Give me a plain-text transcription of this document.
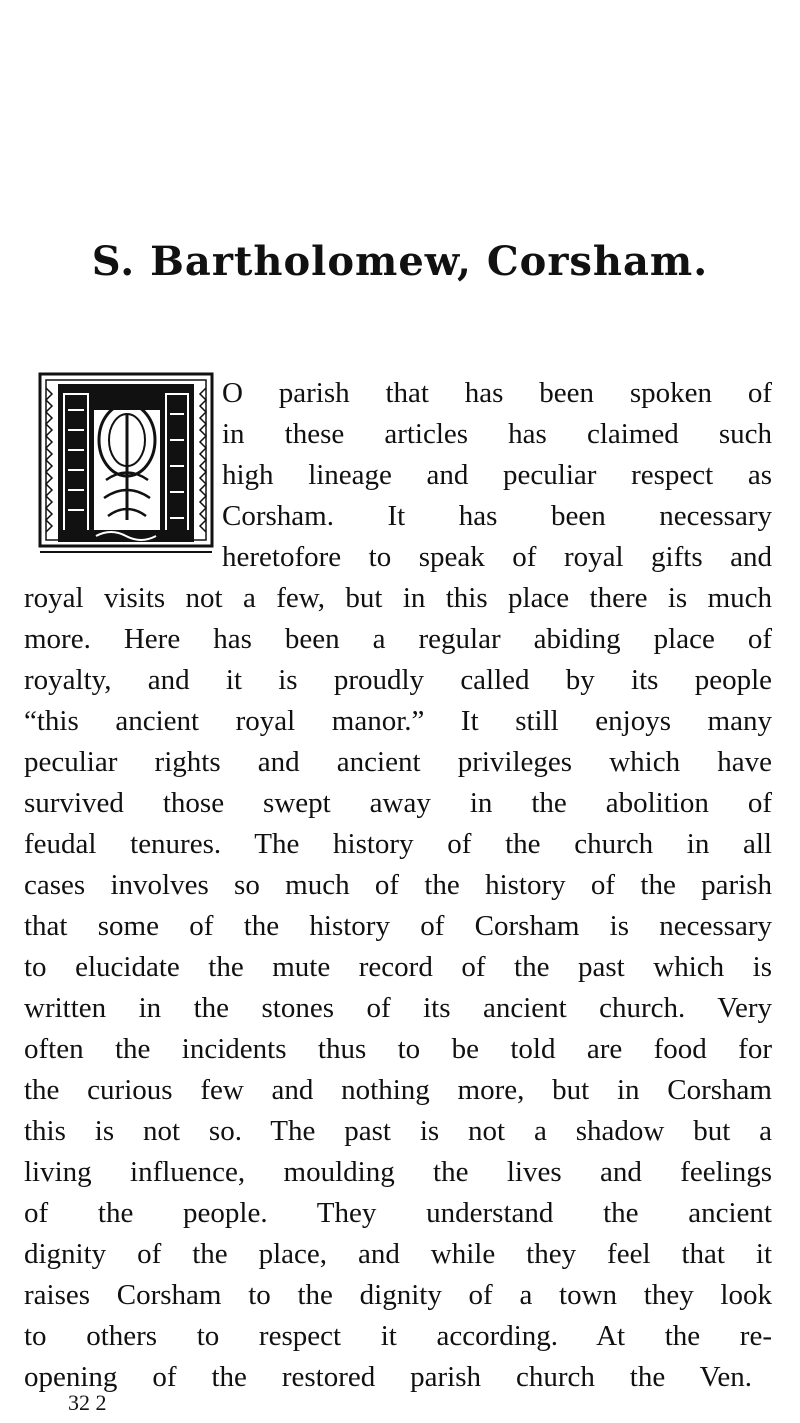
S. Bartholomew, Corsham.
O parish that has been spoken of
in these articles has claimed such
high lineage and peculiar respect as
Corsham. It has been necessary
heretofore to speak of royal gifts and
royal visits not a few, but in this place there is much
more. Here has been a regular abiding place of
royalty, and it is proudly called by its people
“this ancient royal manor.” It still enjoys many
peculiar rights and ancient privileges which have
survived those swept away in the abolition of
feudal tenures. The history of the church in all
cases involves so much of the history of the parish
that some of the history of Corsham is necessary
to elucidate the mute record of the past which is
written in the stones of its ancient church. Very
often the incidents thus to be told are food for
the curious few and nothing more, but in Corsham
this is not so. The past is not a shadow but a
living influence, moulding the lives and feelings
of the people. They understand the ancient
dignity of the place, and while they feel that it
raises Corsham to the dignity of a town they look
to others to respect it according. At the re-
opening of the restored parish church the Ven.
32 2
